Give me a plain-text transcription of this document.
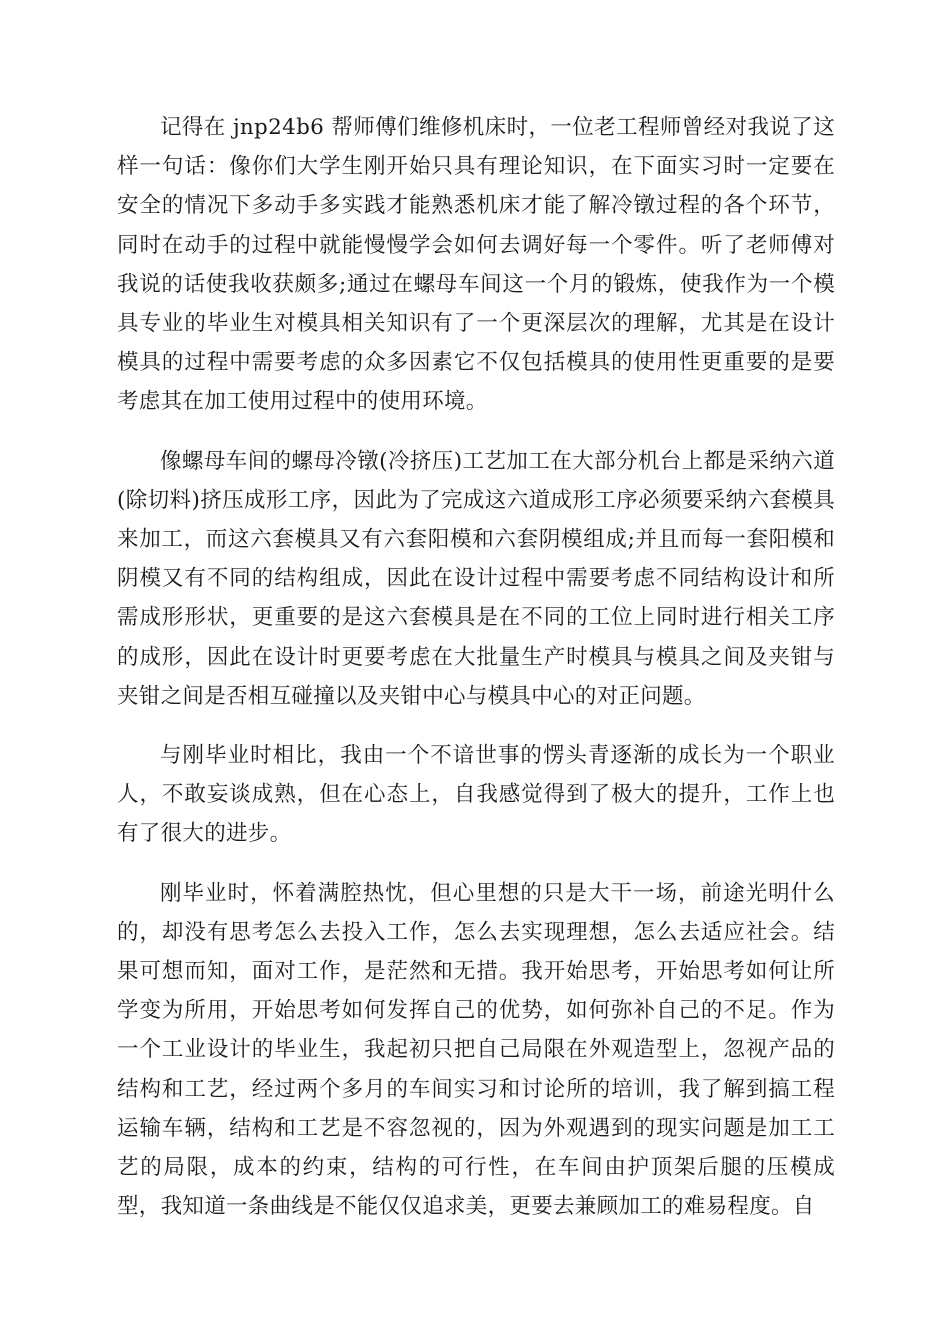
记得在 jnp24b6 帮师傅们维修机床时，一位老工程师曾经对我说了这样一句话：像你们大学生刚开始只具有理论知识，在下面实习时一定要在安全的情况下多动手多实践才能熟悉机床才能了解冷镦过程的各个环节，同时在动手的过程中就能慢慢学会如何去调好每一个零件。听了老师傅对我说的话使我收获颇多;通过在螺母车间这一个月的锻炼，使我作为一个模具专业的毕业生对模具相关知识有了一个更深层次的理解，尤其是在设计模具的过程中需要考虑的众多因素它不仅包括模具的使用性更重要的是要考虑其在加工使用过程中的使用环境。

像螺母车间的螺母冷镦(冷挤压)工艺加工在大部分机台上都是采纳六道(除切料)挤压成形工序，因此为了完成这六道成形工序必须要采纳六套模具来加工，而这六套模具又有六套阳模和六套阴模组成;并且而每一套阳模和阴模又有不同的结构组成，因此在设计过程中需要考虑不同结构设计和所需成形形状，更重要的是这六套模具是在不同的工位上同时进行相关工序的成形，因此在设计时更要考虑在大批量生产时模具与模具之间及夹钳与夹钳之间是否相互碰撞以及夹钳中心与模具中心的对正问题。

与刚毕业时相比，我由一个不谙世事的愣头青逐渐的成长为一个职业人，不敢妄谈成熟，但在心态上，自我感觉得到了极大的提升，工作上也有了很大的进步。

刚毕业时，怀着满腔热忱，但心里想的只是大干一场，前途光明什么的，却没有思考怎么去投入工作，怎么去实现理想，怎么去适应社会。结果可想而知，面对工作，是茫然和无措。我开始思考，开始思考如何让所学变为所用，开始思考如何发挥自己的优势，如何弥补自己的不足。作为一个工业设计的毕业生，我起初只把自己局限在外观造型上，忽视产品的结构和工艺，经过两个多月的车间实习和讨论所的培训，我了解到搞工程运输车辆，结构和工艺是不容忽视的，因为外观遇到的现实问题是加工工艺的局限，成本的约束，结构的可行性，在车间由护顶架后腿的压模成型，我知道一条曲线是不能仅仅追求美，更要去兼顾加工的难易程度。自
